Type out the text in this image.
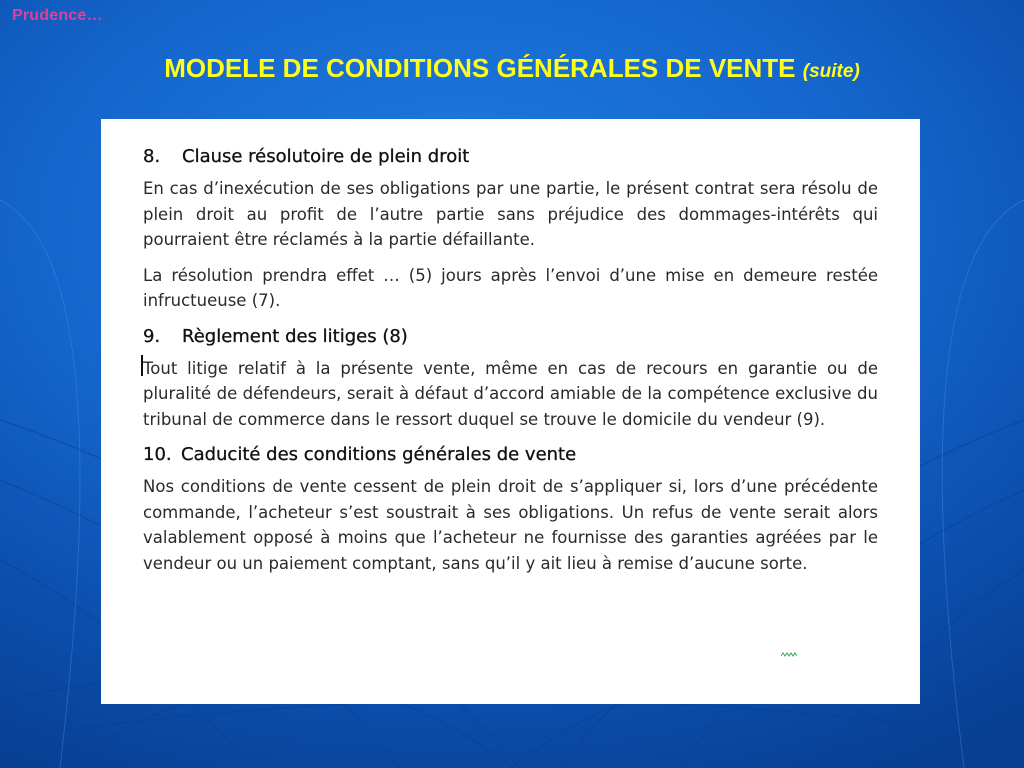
Prudence…
MODELE DE CONDITIONS GÉNÉRALES DE VENTE (suite)
8.	Clause résolutoire de plein droit

En cas d’inexécution de ses obligations par une partie, le présent contrat sera résolu de plein droit au profit de l’autre partie sans préjudice des dommages-intérêts qui pourraient être réclamés à la partie défaillante.

La résolution prendra effet … (5) jours après l’envoi d’une mise en demeure restée infructueuse (7).

9.	Règlement des litiges (8)

Tout litige relatif à la présente vente, même en cas de recours en garantie ou de pluralité de défendeurs, serait à défaut d’accord amiable de la compétence exclusive du tribunal de commerce dans le ressort duquel se trouve le domicile du vendeur (9).

10. Caducité des conditions générales de vente

Nos conditions de vente cessent de plein droit de s’appliquer si, lors d’une précédente commande, l’acheteur s’est soustrait à ses obligations. Un refus de vente serait alors valablement opposé à moins que l’acheteur ne fournisse des garanties agréées par le vendeur ou un paiement comptant, sans qu’il y ait lieu à remise d’aucune sorte.
